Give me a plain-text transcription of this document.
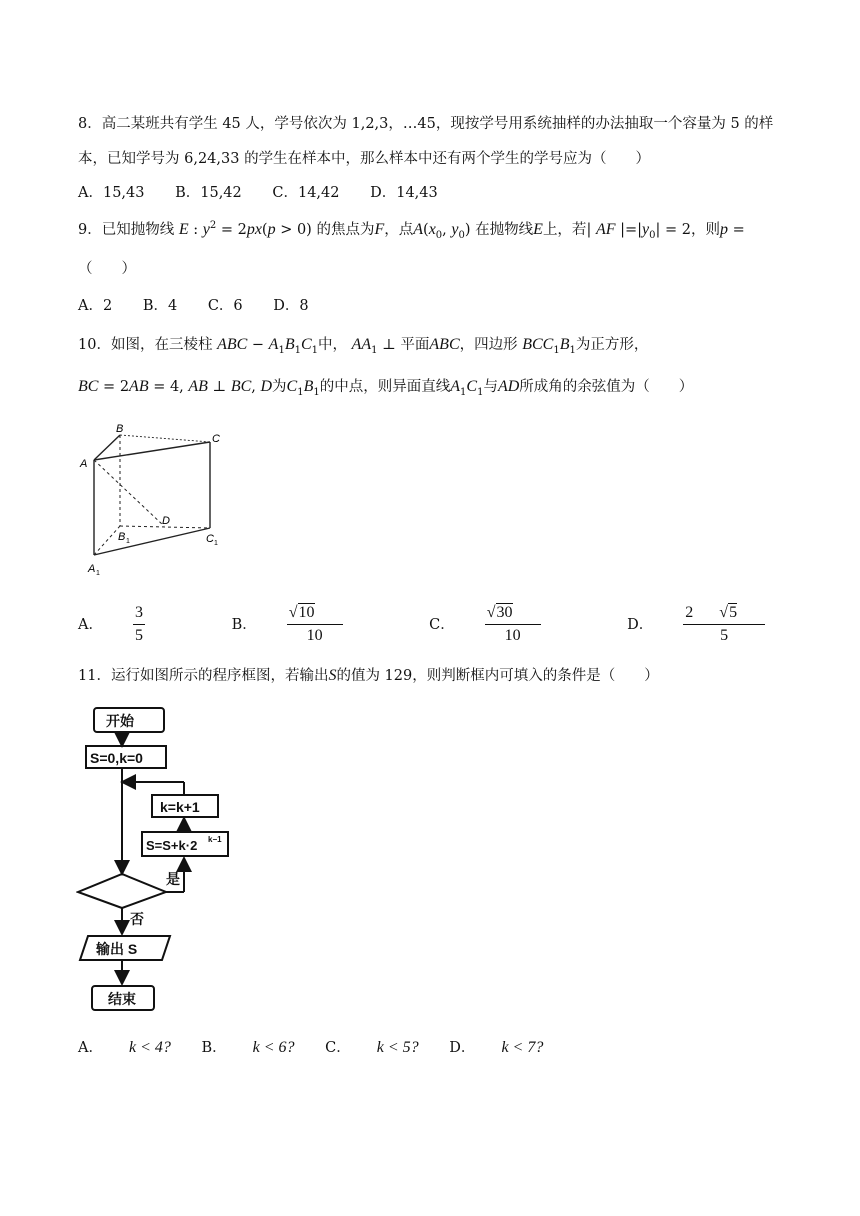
8．高二某班共有学生 45 人，学号依次为 1,2,3，…45，现按学号用系统抽样的办法抽取一个容量为 5 的样
本，已知学号为 6,24,33 的学生在样本中，那么样本中还有两个学生的学号应为（　　）
A．15,43 B．15,42 C．14,42 D．14,43
9．已知抛物线 E : $y^2 = 2px(p > 0)$ 的焦点为F，点$A(x_0$, $y_0$) 在抛物线E上，若| AF $|=|y_0| = 2$，则p =
（　　）
A．2 B．4 C．6 D．8
10．如图，在三棱柱 ABC − $A_1B_1C_1$中， $AA_1$ ⊥ 平面ABC，四边形 $BCC_1B_1$为正方形，
BC = 2AB = 4, AB ⊥ BC, D为$C_1B_1$的中点，则异面直线$A_1C_1$与AD所成角的余弦值为（　　）
B
C
A
D
B 1	C 1
A 1
A． $\frac{3}{5}$	B． $\frac{√10}{10}$	C． $\frac{√30}{10}$	D． $\frac{2 √5}{5}$
11．运行如图所示的程序框图，若输出S的值为 129，则判断框内可填入的条件是（　　）
开始
S=0,k=0
k=k+1
S=S+k·2 k−1
是
否
输出 S
结束
A． k < 4? B． k < 6? C． k < 5? D． k < 7?
